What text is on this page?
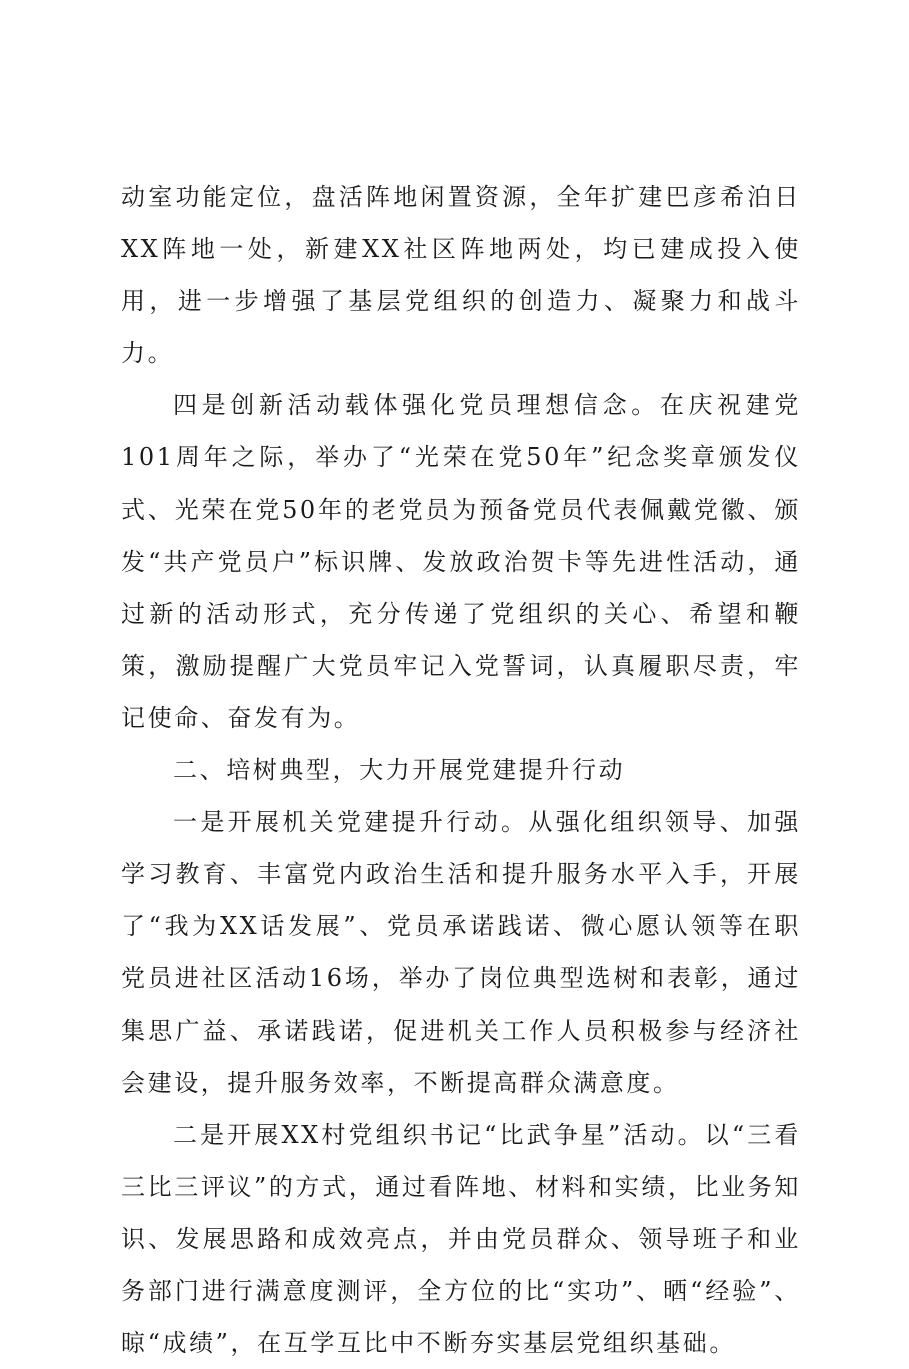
动室功能定位，盘活阵地闲置资源，全年扩建巴彦希泊日XX阵地一处，新建XX社区阵地两处，均已建成投入使用，进一步增强了基层党组织的创造力、凝聚力和战斗力。

四是创新活动载体强化党员理想信念。在庆祝建党101周年之际，举办了“光荣在党50年”纪念奖章颁发仪式、光荣在党50年的老党员为预备党员代表佩戴党徽、颁发“共产党员户”标识牌、发放政治贺卡等先进性活动，通过新的活动形式，充分传递了党组织的关心、希望和鞭策，激励提醒广大党员牢记入党誓词，认真履职尽责，牢记使命、奋发有为。

二、培树典型，大力开展党建提升行动

一是开展机关党建提升行动。从强化组织领导、加强学习教育、丰富党内政治生活和提升服务水平入手，开展了“我为XX话发展”、党员承诺践诺、微心愿认领等在职党员进社区活动16场，举办了岗位典型选树和表彰，通过集思广益、承诺践诺，促进机关工作人员积极参与经济社会建设，提升服务效率，不断提高群众满意度。

二是开展XX村党组织书记“比武争星”活动。以“三看三比三评议”的方式，通过看阵地、材料和实绩，比业务知识、发展思路和成效亮点，并由党员群众、领导班子和业务部门进行满意度测评，全方位的比“实功”、晒“经验”、晾“成绩”，在互学互比中不断夯实基层党组织基础。
